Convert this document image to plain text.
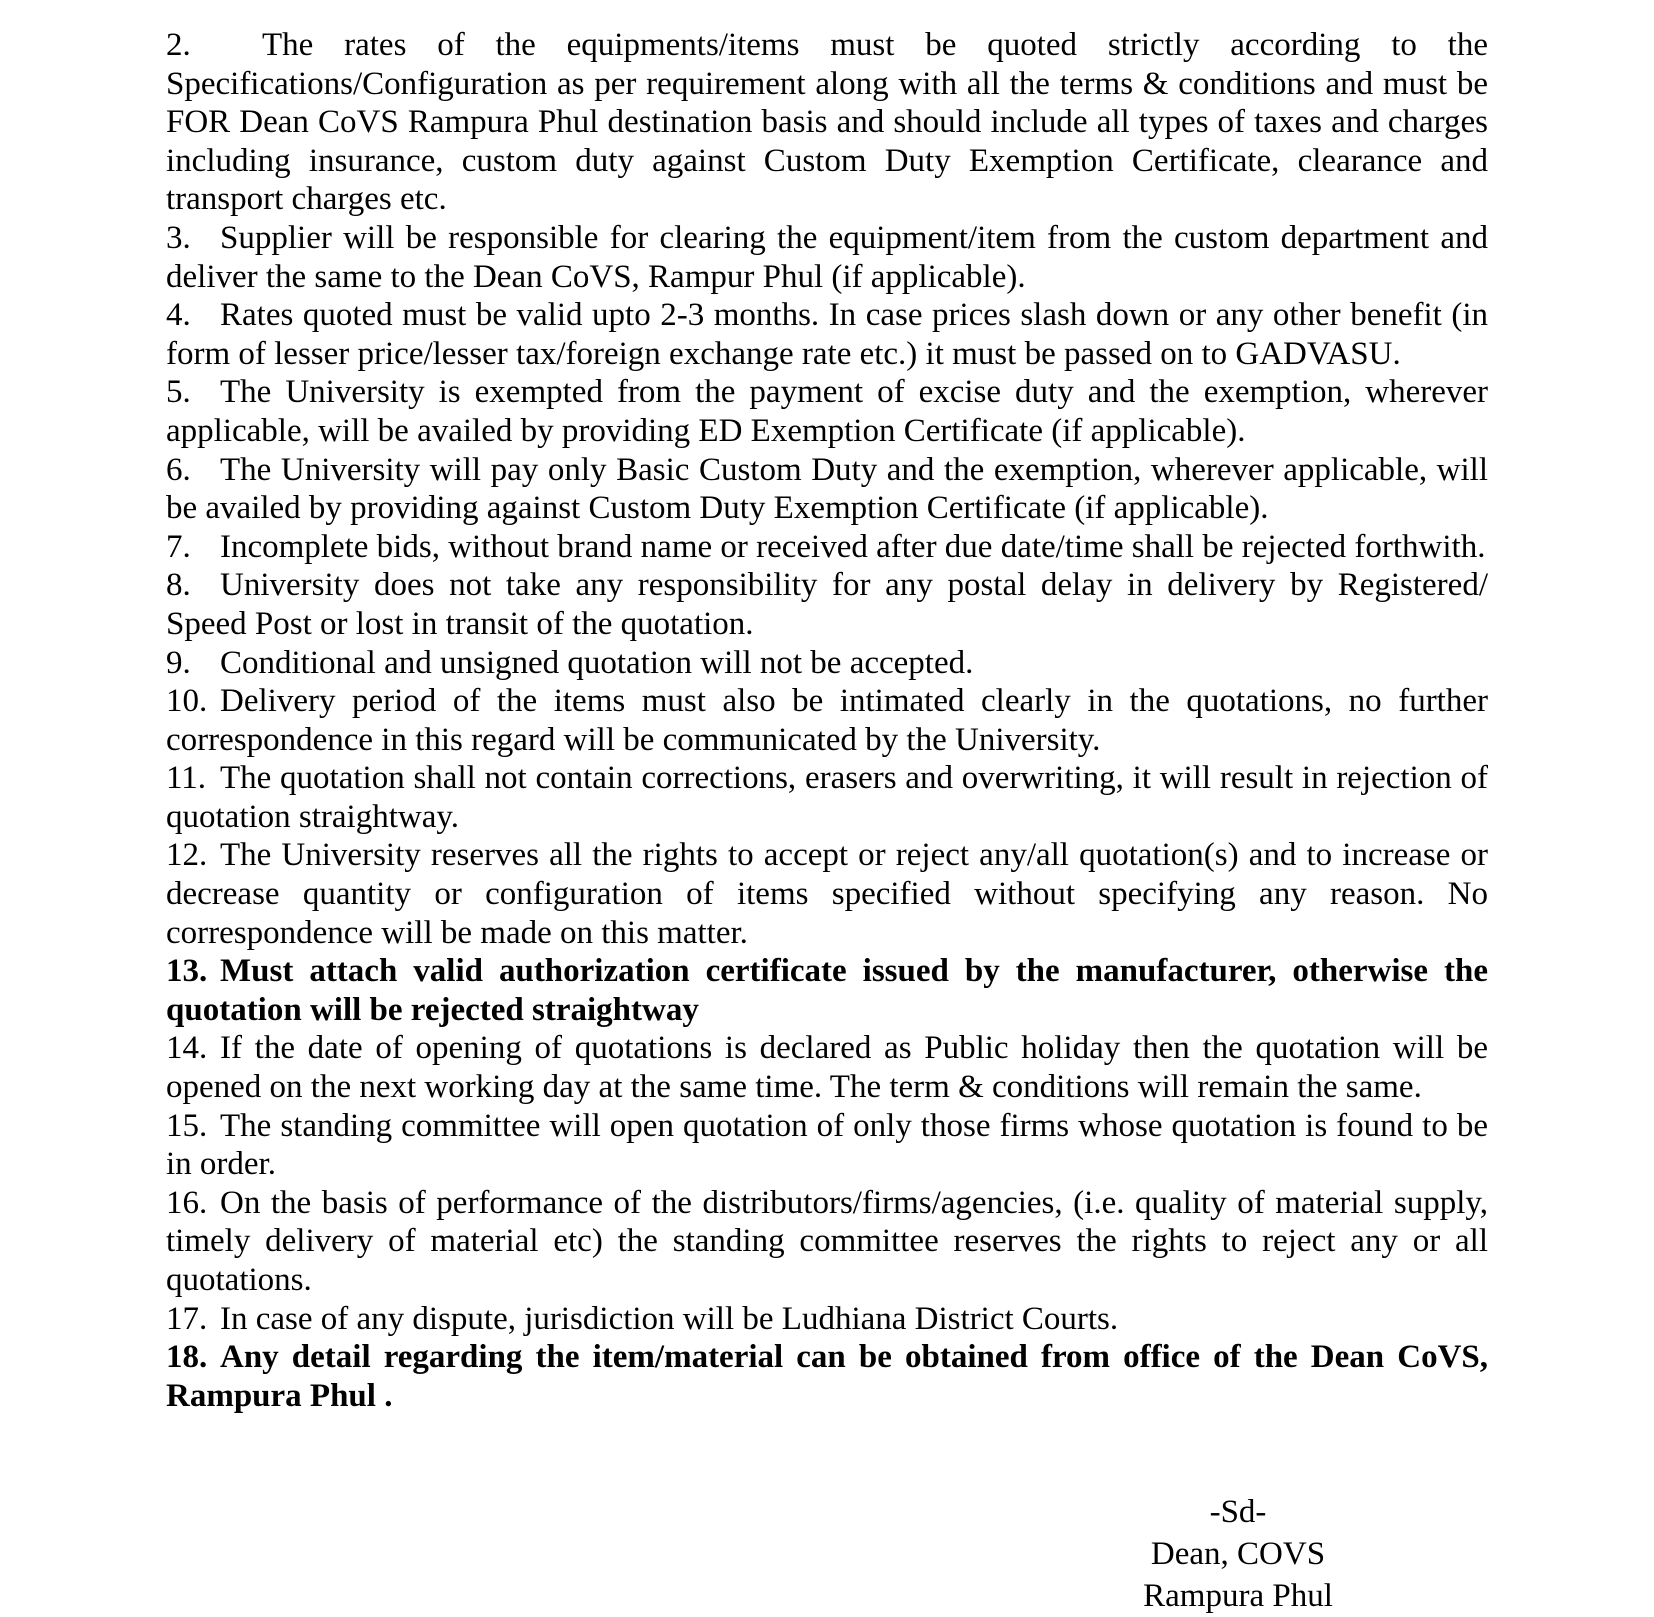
2. The rates of the equipments/items must be quoted strictly according to the Specifications/Configuration as per requirement along with all the terms & conditions and must be FOR Dean CoVS Rampura Phul destination basis and should include all types of taxes and charges including insurance, custom duty against Custom Duty Exemption Certificate, clearance and transport charges etc.

3. Supplier will be responsible for clearing the equipment/item from the custom department and deliver the same to the Dean CoVS, Rampur Phul (if applicable).

4. Rates quoted must be valid upto 2-3 months. In case prices slash down or any other benefit (in form of lesser price/lesser tax/foreign exchange rate etc.) it must be passed on to GADVASU.

5. The University is exempted from the payment of excise duty and the exemption, wherever applicable, will be availed by providing ED Exemption Certificate (if applicable).

6. The University will pay only Basic Custom Duty and the exemption, wherever applicable, will be availed by providing against Custom Duty Exemption Certificate (if applicable).

7. Incomplete bids, without brand name or received after due date/time shall be rejected forthwith.

8. University does not take any responsibility for any postal delay in delivery by Registered/ Speed Post or lost in transit of the quotation.

9. Conditional and unsigned quotation will not be accepted.

10. Delivery period of the items must also be intimated clearly in the quotations, no further correspondence in this regard will be communicated by the University.

11. The quotation shall not contain corrections, erasers and overwriting, it will result in rejection of quotation straightway.

12. The University reserves all the rights to accept or reject any/all quotation(s) and to increase or decrease quantity or configuration of items specified without specifying any reason. No correspondence will be made on this matter.

13. Must attach valid authorization certificate issued by the manufacturer, otherwise the quotation will be rejected straightway

14. If the date of opening of quotations is declared as Public holiday then the quotation will be opened on the next working day at the same time. The term & conditions will remain the same.

15. The standing committee will open quotation of only those firms whose quotation is found to be in order.

16. On the basis of performance of the distributors/firms/agencies, (i.e. quality of material supply, timely delivery of material etc) the standing committee reserves the rights to reject any or all quotations.

17. In case of any dispute, jurisdiction will be Ludhiana District Courts.

18. Any detail regarding the item/material can be obtained from office of the Dean CoVS, Rampura Phul .

-Sd-
Dean, COVS
Rampura Phul
